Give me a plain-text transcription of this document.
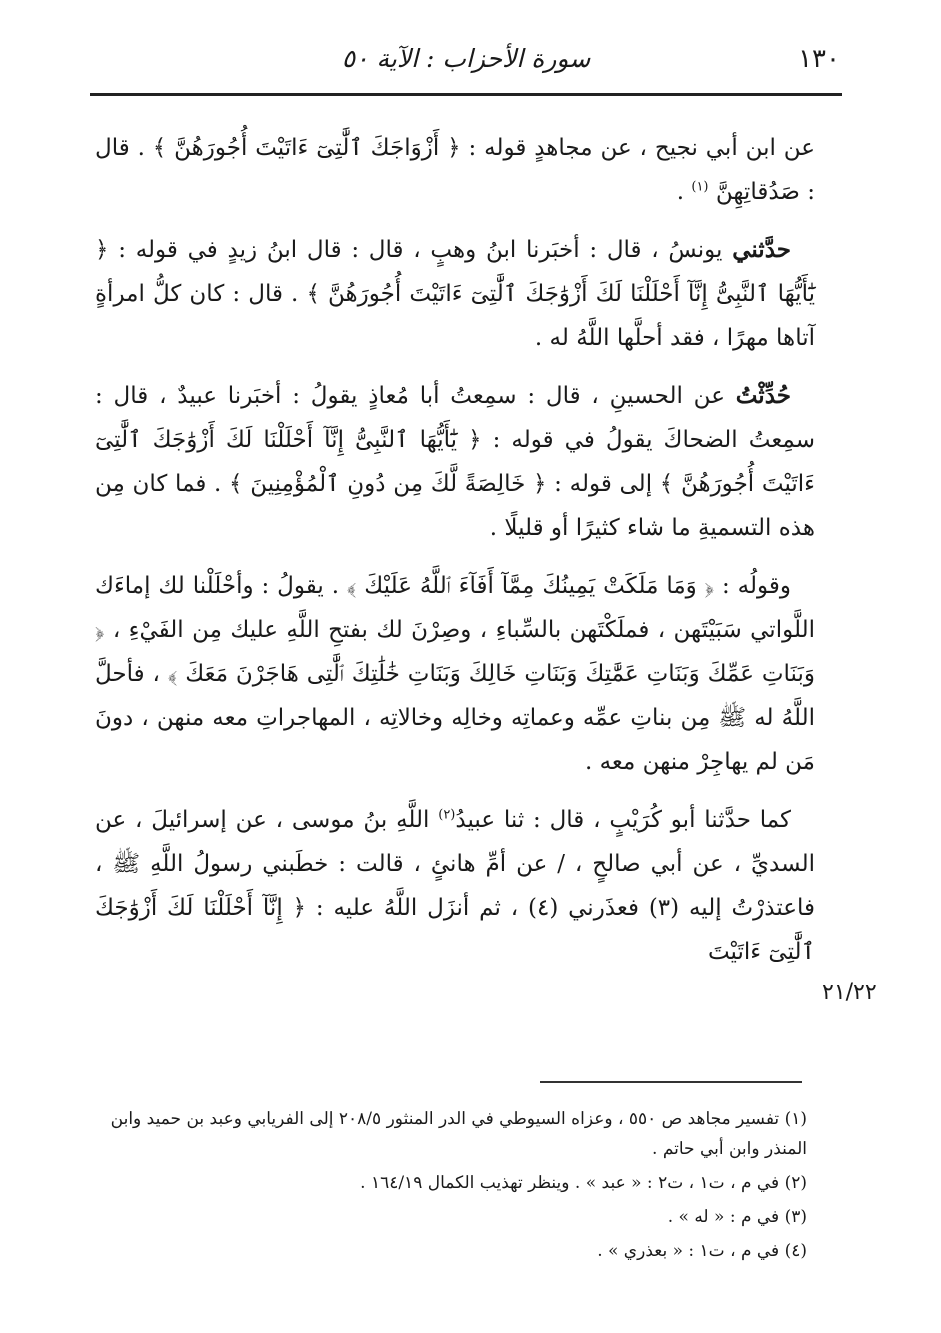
١٣٠
سورة الأحزاب : الآية ٥٠

عن ابن أبي نجيح ، عن مجاهدٍ قوله : ﴿ أَزْوَاجَكَ ٱلَّٰتِىٓ ءَاتَيْتَ أُجُورَهُنَّ ﴾ . قال : صَدُقاتِهِنَّ $^{(١)}$ .

حدَّثني يونسُ ، قال : أخبَرنا ابنُ وهبٍ ، قال : قال ابنُ زيدٍ في قوله : ﴿ يَٰٓأَيُّهَا ٱلنَّبِىُّ إِنَّآ أَحْلَلْنَا لَكَ أَزْوَٰجَكَ ٱلَّٰتِىٓ ءَاتَيْتَ أُجُورَهُنَّ ﴾ . قال : كان كلُّ امرأةٍ آتاها مهرًا ، فقد أحلَّها اللَّهُ له .

حُدِّثْتُ عن الحسينِ ، قال : سمِعتُ أبا مُعاذٍ يقولُ : أخبَرنا عبيدٌ ، قال : سمِعتُ الضحاكَ يقولُ في قوله : ﴿ يَٰٓأَيُّهَا ٱلنَّبِىُّ إِنَّآ أَحْلَلْنَا لَكَ أَزْوَٰجَكَ ٱلَّٰتِىٓ ءَاتَيْتَ أُجُورَهُنَّ ﴾ إلى قوله : ﴿ خَالِصَةً لَّكَ مِن دُونِ ٱلْمُؤْمِنِينَ ﴾ . فما كان مِن هذه التسميةِ ما شاء كثيرًا أو قليلًا .

وقولُه : ﴿ وَمَا مَلَكَتْ يَمِينُكَ مِمَّآ أَفَآءَ ٱللَّهُ عَلَيْكَ ﴾ . يقولُ : وأحْلَلْنا لك إماءَك اللَّواتي سَبَيْتَهن ، فملَكْتَهن بالسِّباءِ ، وصِرْنَ لك بفتحِ اللَّهِ عليك مِن الفَيْءِ ، ﴿ وَبَنَاتِ عَمِّكَ وَبَنَاتِ عَمَّٰتِكَ وَبَنَاتِ خَالِكَ وَبَنَاتِ خَٰلَٰتِكَ ٱلَّٰتِى هَاجَرْنَ مَعَكَ ﴾ ، فأحلَّ اللَّهُ له ﷺ مِن بناتِ عمِّه وعماتِه وخالِه وخالاتِه ، المهاجراتِ معه منهن ، دونَ مَن لم يهاجِرْ منهن معه .

كما حدَّثنا أبو كُرَيْبٍ ، قال : ثنا عبيدُ$^{(٢)}$ اللَّهِ بنُ موسى ، عن إسرائيلَ ، عن السديِّ ، عن أبي صالحٍ ، / عن أمِّ هانئٍ ، قالت : خطَبني رسولُ اللَّهِ ﷺ ، فاعتذرْتُ إليه (٣) فعذَرني (٤) ، ثم أنزَل اللَّهُ عليه : ﴿ إِنَّآ أَحْلَلْنَا لَكَ أَزْوَٰجَكَ ٱلَّٰتِىٓ ءَاتَيْتَ

٢١/٢٢

(١) تفسير مجاهد ص ٥٥٠ ، وعزاه السيوطي في الدر المنثور ٢٠٨/٥ إلى الفريابي وعبد بن حميد وابن المنذر وابن أبي حاتم .

(٢) في م ، ت١ ، ت٢ : « عبد » . وينظر تهذيب الكمال ١٦٤/١٩ .

(٣) في م : « له » .

(٤) في م ، ت١ : « بعذري » .
